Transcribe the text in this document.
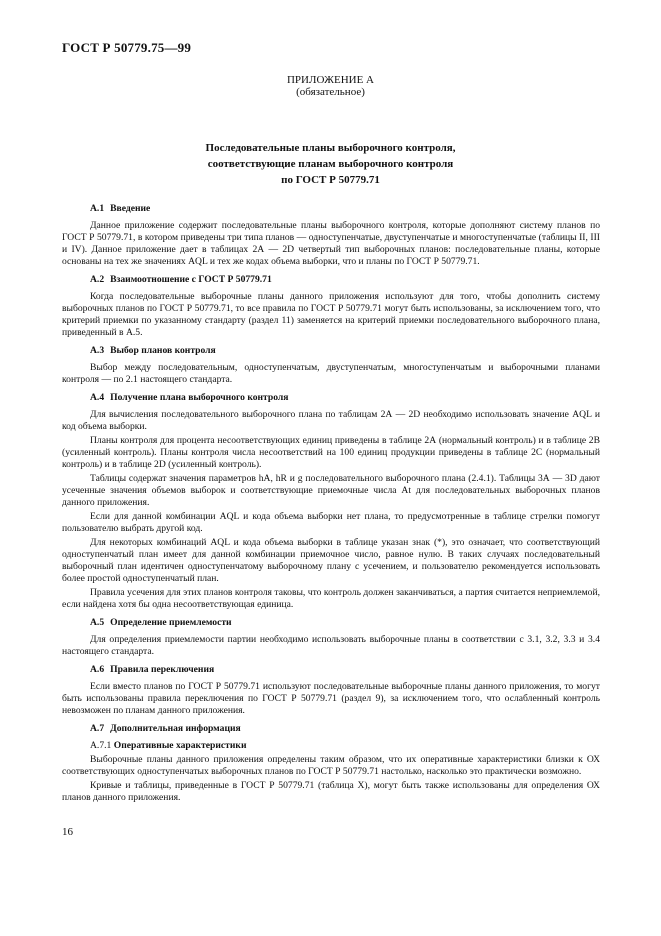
ГОСТ Р 50779.75—99
ПРИЛОЖЕНИЕ А
(обязательное)
Последовательные планы выборочного контроля,
соответствующие планам выборочного контроля
по ГОСТ Р 50779.71
А.1 Введение

Данное приложение содержит последовательные планы выборочного контроля, которые дополняют систему планов по ГОСТ Р 50779.71, в котором приведены три типа планов — одноступенчатые, двуступенчатые и многоступенчатые (таблицы II, III и IV). Данное приложение дает в таблицах 2А — 2D четвертый тип выборочных планов: последовательные планы, которые основаны на тех же значениях AQL и тех же кодах объема выборки, что и планы по ГОСТ Р 50779.71.

А.2 Взаимоотношение с ГОСТ Р 50779.71

Когда последовательные выборочные планы данного приложения используют для того, чтобы дополнить систему выборочных планов по ГОСТ Р 50779.71, то все правила по ГОСТ Р 50779.71 могут быть использованы, за исключением того, что критерий приемки по указанному стандарту (раздел 11) заменяется на критерий приемки последовательного выборочного плана, приведенный в А.5.

А.3 Выбор планов контроля

Выбор между последовательным, одноступенчатым, двуступенчатым, многоступенчатым и выборочными планами контроля — по 2.1 настоящего стандарта.

А.4 Получение плана выборочного контроля

Для вычисления последовательного выборочного плана по таблицам 2А — 2D необходимо использовать значение AQL и код объема выборки.

Планы контроля для процента несоответствующих единиц приведены в таблице 2А (нормальный контроль) и в таблице 2В (усиленный контроль). Планы контроля числа несоответствий на 100 единиц продукции приведены в таблице 2С (нормальный контроль) и в таблице 2D (усиленный контроль).

Таблицы содержат значения параметров hA, hR и g последовательного выборочного плана (2.4.1). Таблицы 3А — 3D дают усеченные значения объемов выборок и соответствующие приемочные числа At для последовательных выборочных планов данного приложения.

Если для данной комбинации AQL и кода объема выборки нет плана, то предусмотренные в таблице стрелки помогут пользователю выбрать другой код.

Для некоторых комбинаций AQL и кода объема выборки в таблице указан знак (*), это означает, что соответствующий одноступенчатый план имеет для данной комбинации приемочное число, равное нулю. В таких случаях последовательный выборочный план идентичен одноступенчатому выборочному плану с усечением, и пользователю рекомендуется использовать более простой одноступенчатый план.

Правила усечения для этих планов контроля таковы, что контроль должен заканчиваться, а партия считается неприемлемой, если найдена хотя бы одна несоответствующая единица.

А.5 Определение приемлемости

Для определения приемлемости партии необходимо использовать выборочные планы в соответствии с 3.1, 3.2, 3.3 и 3.4 настоящего стандарта.

А.6 Правила переключения

Если вместо планов по ГОСТ Р 50779.71 используют последовательные выборочные планы данного приложения, то могут быть использованы правила переключения по ГОСТ Р 50779.71 (раздел 9), за исключением того, что ослабленный контроль невозможен по планам данного приложения.

А.7 Дополнительная информация
А.7.1 Оперативные характеристики

Выборочные планы данного приложения определены таким образом, что их оперативные характеристики близки к ОХ соответствующих одноступенчатых выборочных планов по ГОСТ Р 50779.71 настолько, насколько это практически возможно.

Кривые и таблицы, приведенные в ГОСТ Р 50779.71 (таблица X), могут быть также использованы для определения ОХ планов данного приложения.

16
